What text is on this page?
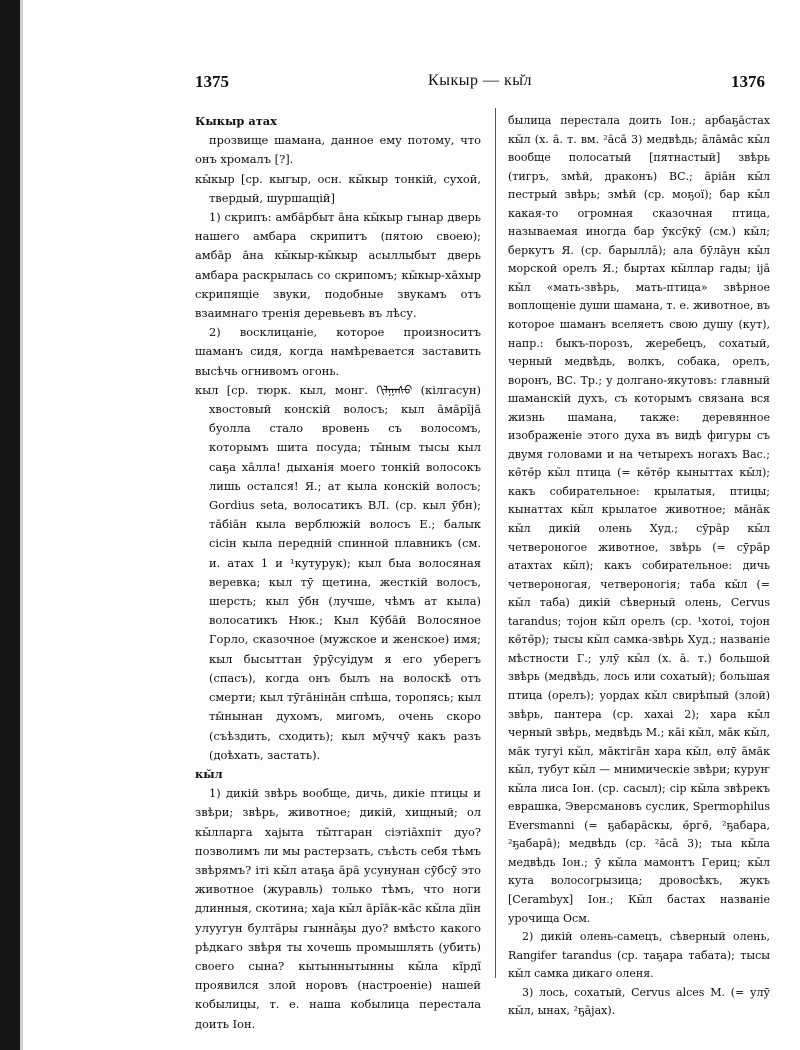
1375	Кыкыр — кы̆л	1376
Кыкыр атах

прозвище шамана, данное ему потому, что онъ хромалъ [?].

кы̆кыр [ср. кыгыр, осн. кы̆кыр тонкій, сухой, твердый, шуршащій]

1) скрипъ: амба̄рбыт а̄на кы̆кыр гынар дверь нашего амбара скрипитъ (пятою своею); амба̄р а̄на кы̆кыр-кы̆кыр асыллыбыт дверь амбара раскрылась со скрипомъ; кы̆кыр-ха̄хыр скрипящіе звуки, подобные звукамъ отъ взаимнаго тренія деревьевъ въ лѣсу.

2) восклицаніе, которое произноситъ шаманъ сидя, когда намѣревается заставить высѣчь огнивомъ огонь.

кыл [ср. тюрк. кыл, монг. ᠬᠢᠯᠭᠠᠰᠤ (кілгасун) хвостовый конскій волосъ; кыл а̄ма̄рі̄ја̄ буолла стало вровень съ волосомъ, которымъ шита посуда; ты̄ным тысы кыл саҕа ха̄лла! дыханія моего тонкій волосокъ лишь остался! Я.; ат кыла конскій волосъ; Gordius seta, волосатикъ ВЛ. (ср. кыл ӯбн); та̄біа̄н кыла верблюжій волосъ Е.; балык сісін кыла передній спинной плавникъ (см. и. атах 1 и ¹кутурук); кыл быа волосяная веревка; кыл тӯ щетина, жесткій волосъ, шерсть; кыл ӯбн (лучше, чѣмъ ат кыла) волосатикъ Нюк.; Кыл Кӯба̄й Волосяное Горло, сказочное (мужское и женское) имя; кыл быcыттан ӯрӯсуідум я его уберегъ (спасъ), когда онъ былъ на волоскѣ отъ смерти; кыл тӯга̄ніна̄н спѣша, торопясь; кыл ты̄нынан духомъ, мигомъ, очень скоро (съѣздить, сходить); кыл мӯччӯ какъ разъ (доѣхать, застать).

кы̆л

1) дикій звѣрь вообще, дичь, дикіе птицы и звѣри; звѣрь, животное; дикій, хищный; ол кы̆лларга хаjыта ты̄тгаран сіэтіа̄хпіт дуо? позволимъ ли мы растерзать, съѣсть себя тѣмъ звѣрямъ? іті кы̆л атаҕа а̄ра̄ усунунан сӯбсӯ это животное (журавль) только тѣмъ, что ноги длинныя, скотина; хаjа кы̆л а̄рі̄а̄к-ка̄с кы̆ла ді̄ін улуугун булта̄ры гынна̄ҕы дуо? вмѣсто какого рѣдкаго звѣря ты хочешь промышлять (убить) своего сына? кытыннытынны кы̆ла кі̄рді̄ проявился злой норовъ (настроеніе) нашей кобылицы, т. е. наша кобылица перестала доить Іон.

былица перестала доить Іон.; арбаҕа̄стах кы̆л (х. а̄. т. вм. ²а̄са̄ 3) медвѣдь; а̄ла̄ма̄с кы̆л вообще полосатый [пятнастый] звѣрь (тигръ, змѣй, драконъ) ВС.; а̄ріа̄н кы̆л пестрый звѣрь; змѣй (ср. моҕої); бар кы̆л какая-то огромная сказочная птица, называемая иногда бар ӯксӯкӯ (см.) кы̆л; беркутъ Я. (ср. барылла̄); ала бӯла̄ун кы̆л морской орелъ Я.; быртах кы̆ллар гады; іја̄ кы̆л «мать-звѣрь, мать-птица» звѣрное воплощеніе души шамана, т. е. животное, въ которое шаманъ вселяетъ свою душу (кут), напр.: быкъ-порозъ, жеребецъ, сохатый, черный медвѣдь, волкъ, собака, орелъ, воронъ, ВС. Тр.; у долгано-якутовъ: главный шаманскій духъ, съ которымъ связана вся жизнь шамана, также: деревянное изображеніе этого духа въ видѣ фигуры съ двумя головами и на четырехъ ногахъ Вас.; кө̄тө̄р кы̆л птица (= кө̄тө̄р кыныттах кы̆л); какъ собирательное: крылатыя, птицы; кынаттах кы̆л крылатое животное; ма̄на̄к кы̆л дикій олень Худ.; сӯра̄р кы̆л четвероногое животное, звѣрь (= сӯра̄р атахтах кы̆л); какъ собирательное: дичь четвероногая, четвероногія; таба кы̆л (= кы̆л таба) дикій сѣверный олень, Cervus tarandus; тојон кы̆л орелъ (ср. ¹хотоі, тојон кө̄тө̄р); тысы кы̆л самка-звѣрь Худ.; названіе мѣстности Г.; улӯ кы̆л (х. а̄. т.) большой звѣрь (медвѣдь, лось или сохатый); большая птица (орелъ); уордах кы̆л свирѣпый (злой) звѣрь, пантера (ср. хахаі 2); хара кы̆л черный звѣрь, медвѣдь М.; ка̄і кы̆л, ма̄к кы̆л, ма̄к тугуі кы̆л, ма̄ктіга̄н хара кы̆л, өлӯ а̄ма̄к кы̆л, тубут кы̆л — мнимическіе звѣри; куруҥ кы̆ла лиса Іон. (ср. сасыл); сір кы̆ла звѣрекъ еврашка, Эверсмановъ суслик, Spermophilus Eversmanni (= ҕабара̄скы, ө̄ргө̄, ²ҕабара, ²ҕабара̄); медвѣдь (ср. ²а̄са̄ 3); тыа кы̆ла медвѣдь Іон.; ӯ кы̆ла мамонтъ Гериц; кы̆л кута волосогрызица; дровосѣкъ, жукъ [Cerambyx] Іон.; Кы̆л бастах названіе урочища Осм.

2) дикій олень-самецъ, сѣверный олень, Rangifer tarandus (ср. таҕара табата); тысы кы̆л самка дикаго оленя.

3) лось, сохатый, Cervus alces М. (= улӯ кы̆л, ынах, ²ҕа̄јах).
